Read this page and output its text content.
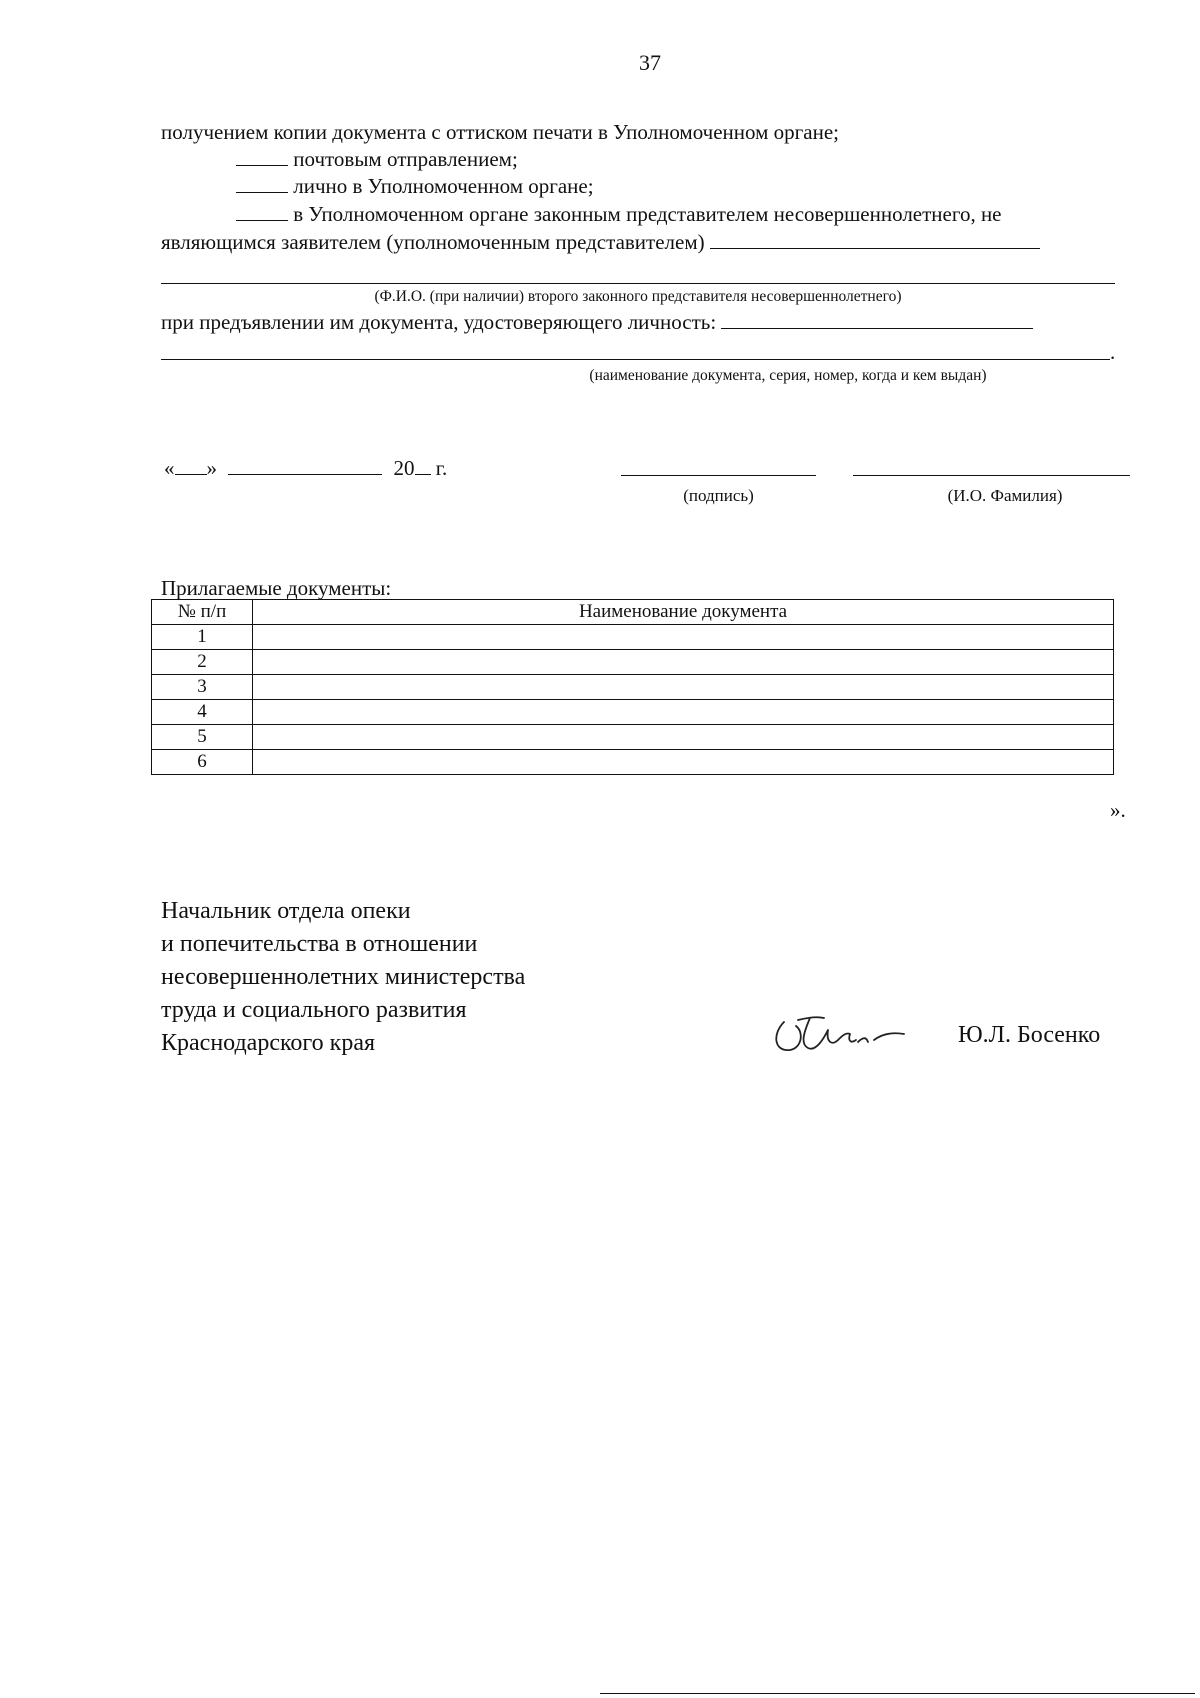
37
получением копии документа с оттиском печати в Уполномоченном органе;
почтовым отправлением;
лично в Уполномоченном органе;
в Уполномоченном органе законным представителем несовершеннолетнего, не
являющимся заявителем (уполномоченным представителем)
(Ф.И.О. (при наличии) второго законного представителя несовершеннолетнего)
при предъявлении им документа, удостоверяющего личность:
.
(наименование документа, серия, номер, когда и кем выдан)
« »	20 г.
(подпись)	(И.О. Фамилия)
Прилагаемые документы:
№ п/п	Наименование документа
1	
2	
3	
4	
5	
6	
».
Начальник отдела опеки
и попечительства в отношении
несовершеннолетних министерства
труда и социального развития
Краснодарского края	Ю.Л. Босенко
